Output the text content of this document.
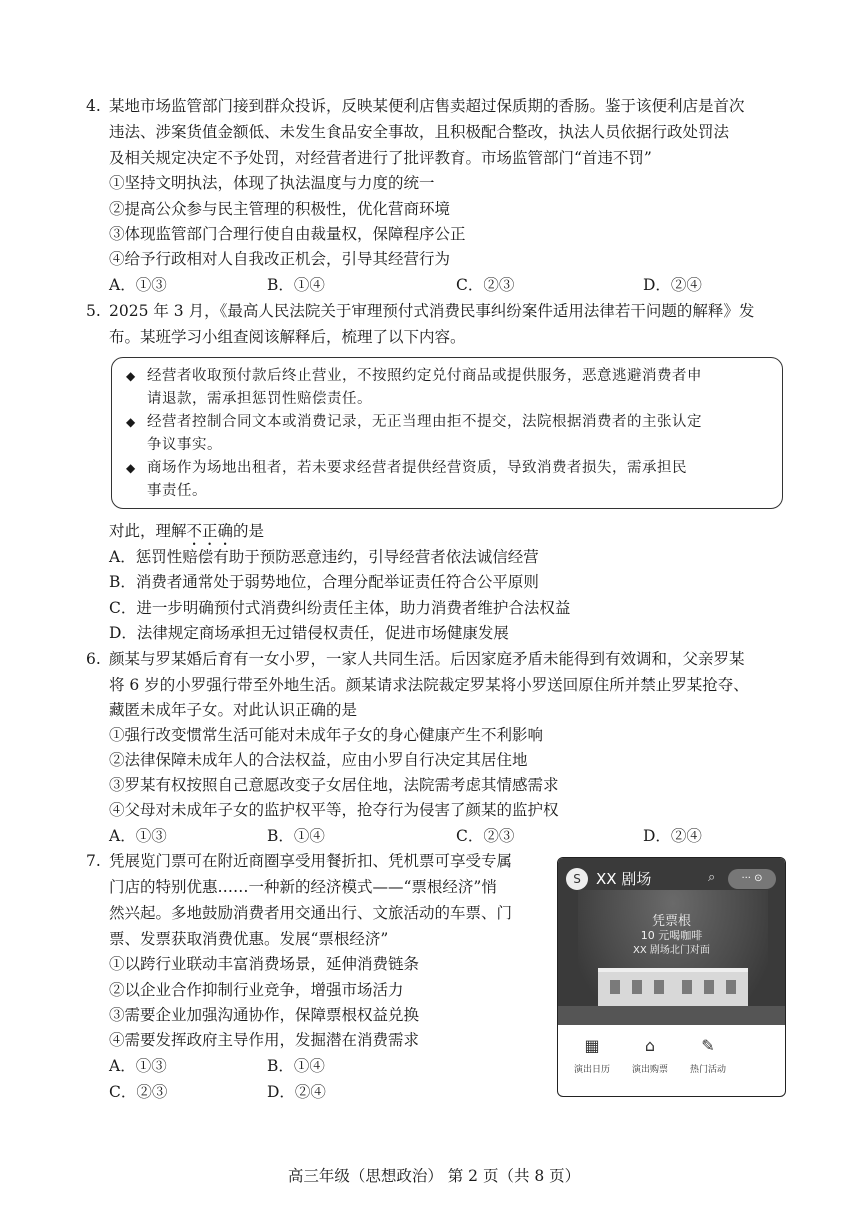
4. 某地市场监管部门接到群众投诉，反映某便利店售卖超过保质期的香肠。鉴于该便利店是首次
违法、涉案货值金额低、未发生食品安全事故，且积极配合整改，执法人员依据行政处罚法
及相关规定决定不予处罚，对经营者进行了批评教育。市场监管部门“首违不罚”
①坚持文明执法，体现了执法温度与力度的统一
②提高公众参与民主管理的积极性，优化营商环境
③体现监管部门合理行使自由裁量权，保障程序公正
④给予行政相对人自我改正机会，引导其经营行为
A．①③	B．①④	C．②③	D．②④
5. 2025 年 3 月，《最高人民法院关于审理预付式消费民事纠纷案件适用法律若干问题的解释》发
布。某班学习小组查阅该解释后，梳理了以下内容。
◆ 经营者收取预付款后终止营业，不按照约定兑付商品或提供服务，恶意逃避消费者申
请退款，需承担惩罚性赔偿责任。
◆ 经营者控制合同文本或消费记录，无正当理由拒不提交，法院根据消费者的主张认定
争议事实。
◆ 商场作为场地出租者，若未要求经营者提供经营资质，导致消费者损失，需承担民
事责任。
对此，理解不正确的是
A．惩罚性赔偿有助于预防恶意违约，引导经营者依法诚信经营
B．消费者通常处于弱势地位，合理分配举证责任符合公平原则
C．进一步明确预付式消费纠纷责任主体，助力消费者维护合法权益
D．法律规定商场承担无过错侵权责任，促进市场健康发展
6. 颜某与罗某婚后育有一女小罗，一家人共同生活。后因家庭矛盾未能得到有效调和，父亲罗某
将 6 岁的小罗强行带至外地生活。颜某请求法院裁定罗某将小罗送回原住所并禁止罗某抢夺、
藏匿未成年子女。对此认识正确的是
①强行改变惯常生活可能对未成年子女的身心健康产生不利影响
②法律保障未成年人的合法权益，应由小罗自行决定其居住地
③罗某有权按照自己意愿改变子女居住地，法院需考虑其情感需求
④父母对未成年子女的监护权平等，抢夺行为侵害了颜某的监护权
A．①③	B．①④	C．②③	D．②④
7. 凭展览门票可在附近商圈享受用餐折扣、凭机票可享受专属
门店的特别优惠……一种新的经济模式——“票根经济”悄
然兴起。多地鼓励消费者用交通出行、文旅活动的车票、门
票、发票获取消费优惠。发展“票根经济”
①以跨行业联动丰富消费场景，延伸消费链条
②以企业合作抑制行业竞争，增强市场活力
③需要企业加强沟通协作，保障票根权益兑换
④需要发挥政府主导作用，发掘潜在消费需求
A．①③	B．①④
C．②③	D．②④
S	XX 剧场	⌕	··· ⊙
凭票根
10 元喝咖啡
XX 剧场北门对面
▦
演出日历
⌂
演出购票
✎
热门活动
高三年级（思想政治） 第 2 页（共 8 页）
